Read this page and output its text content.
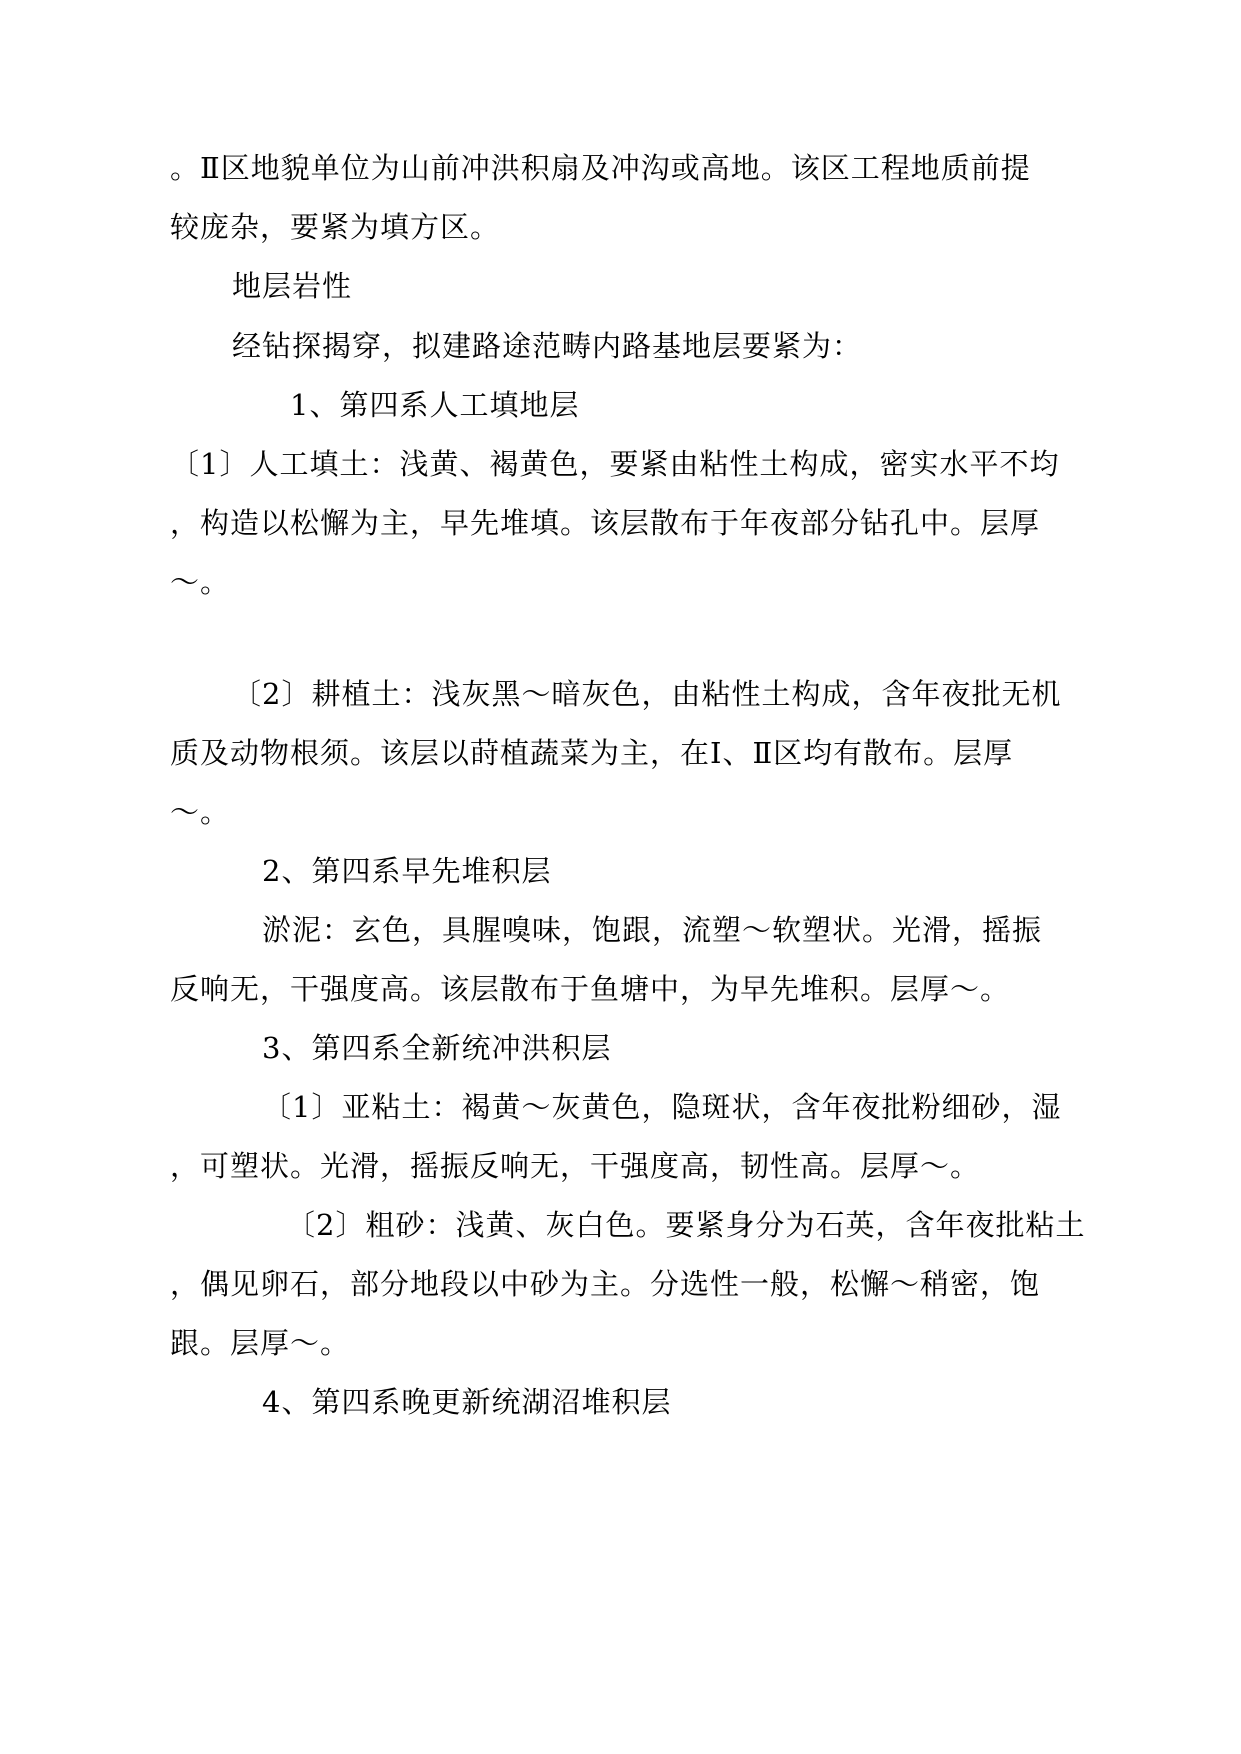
。Ⅱ区地貌单位为山前冲洪积扇及冲沟或高地。该区工程地质前提
较庞杂，要紧为填方区。
地层岩性
经钻探揭穿，拟建路途范畴内路基地层要紧为：
1、第四系人工填地层
〔1〕人工填土：浅黄、褐黄色，要紧由粘性土构成，密实水平不均
，构造以松懈为主，早先堆填。该层散布于年夜部分钻孔中。层厚
～。
〔2〕耕植土：浅灰黑～暗灰色，由粘性土构成，含年夜批无机
质及动物根须。该层以莳植蔬菜为主，在Ⅰ、Ⅱ区均有散布。层厚
～。
2、第四系早先堆积层
淤泥：玄色，具腥嗅味，饱跟，流塑～软塑状。光滑，摇振
反响无，干强度高。该层散布于鱼塘中，为早先堆积。层厚～。
3、第四系全新统冲洪积层
〔1〕亚粘土：褐黄～灰黄色，隐斑状，含年夜批粉细砂，湿
，可塑状。光滑，摇振反响无，干强度高，韧性高。层厚～。
〔2〕粗砂：浅黄、灰白色。要紧身分为石英，含年夜批粘土
，偶见卵石，部分地段以中砂为主。分选性一般，松懈～稍密，饱
跟。层厚～。
4、第四系晚更新统湖沼堆积层
